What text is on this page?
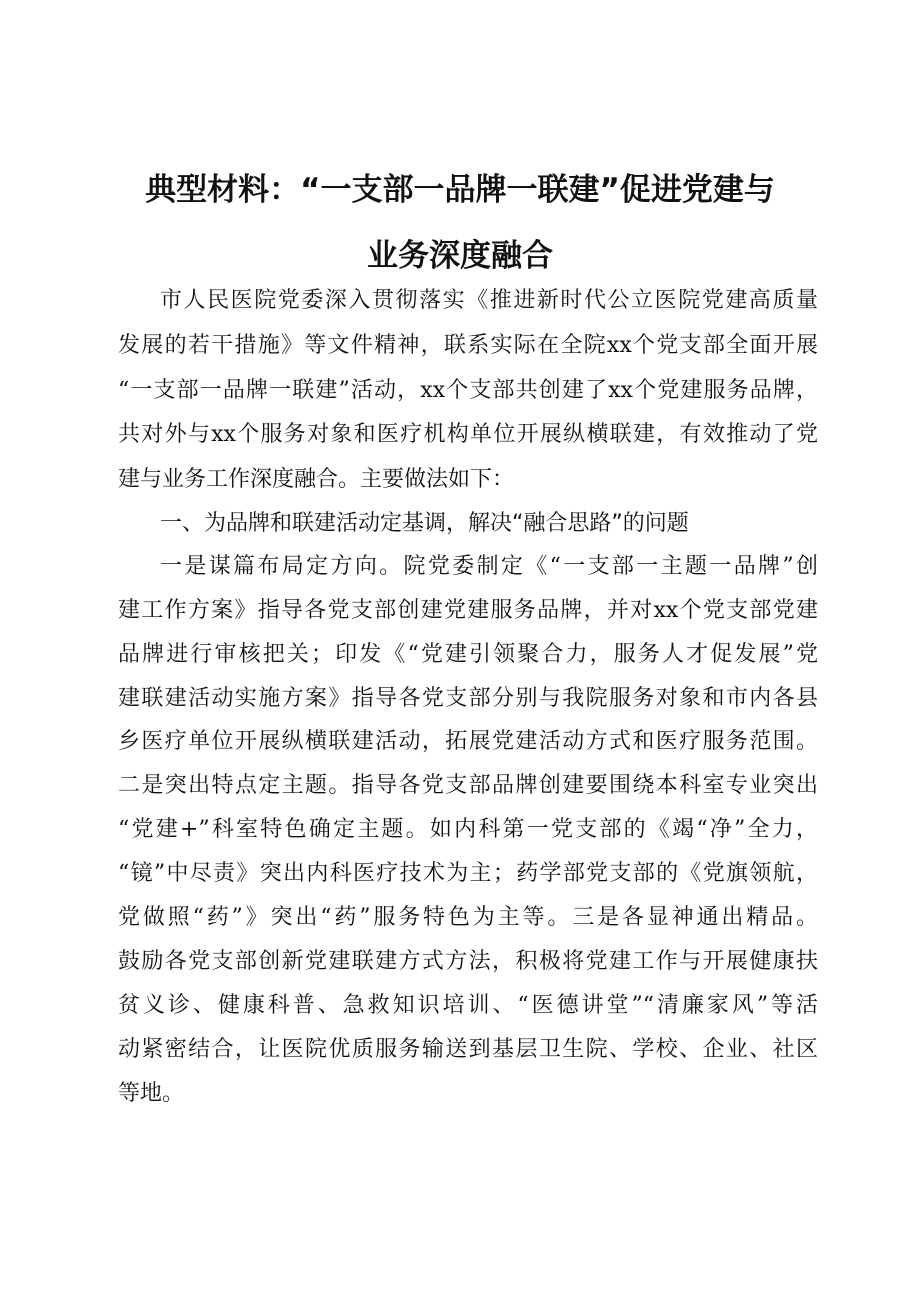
典型材料：“一支部一品牌一联建”促进党建与
业务深度融合
市人民医院党委深入贯彻落实《推进新时代公立医院党建高质量
发展的若干措施》等文件精神，联系实际在全院xx个党支部全面开展
“一支部一品牌一联建”活动，xx个支部共创建了xx个党建服务品牌，
共对外与xx个服务对象和医疗机构单位开展纵横联建，有效推动了党
建与业务工作深度融合。主要做法如下：
一、为品牌和联建活动定基调，解决“融合思路”的问题
一是谋篇布局定方向。院党委制定《“一支部一主题一品牌”创
建工作方案》指导各党支部创建党建服务品牌，并对xx个党支部党建
品牌进行审核把关；印发《“党建引领聚合力，服务人才促发展”党
建联建活动实施方案》指导各党支部分别与我院服务对象和市内各县
乡医疗单位开展纵横联建活动，拓展党建活动方式和医疗服务范围。
二是突出特点定主题。指导各党支部品牌创建要围绕本科室专业突出
“党建+”科室特色确定主题。如内科第一党支部的《竭“净”全力，
“镜”中尽责》突出内科医疗技术为主；药学部党支部的《党旗领航，
党做照“药”》突出“药”服务特色为主等。三是各显神通出精品。
鼓励各党支部创新党建联建方式方法，积极将党建工作与开展健康扶
贫义诊、健康科普、急救知识培训、“医德讲堂”“清廉家风”等活
动紧密结合，让医院优质服务输送到基层卫生院、学校、企业、社区
等地。
